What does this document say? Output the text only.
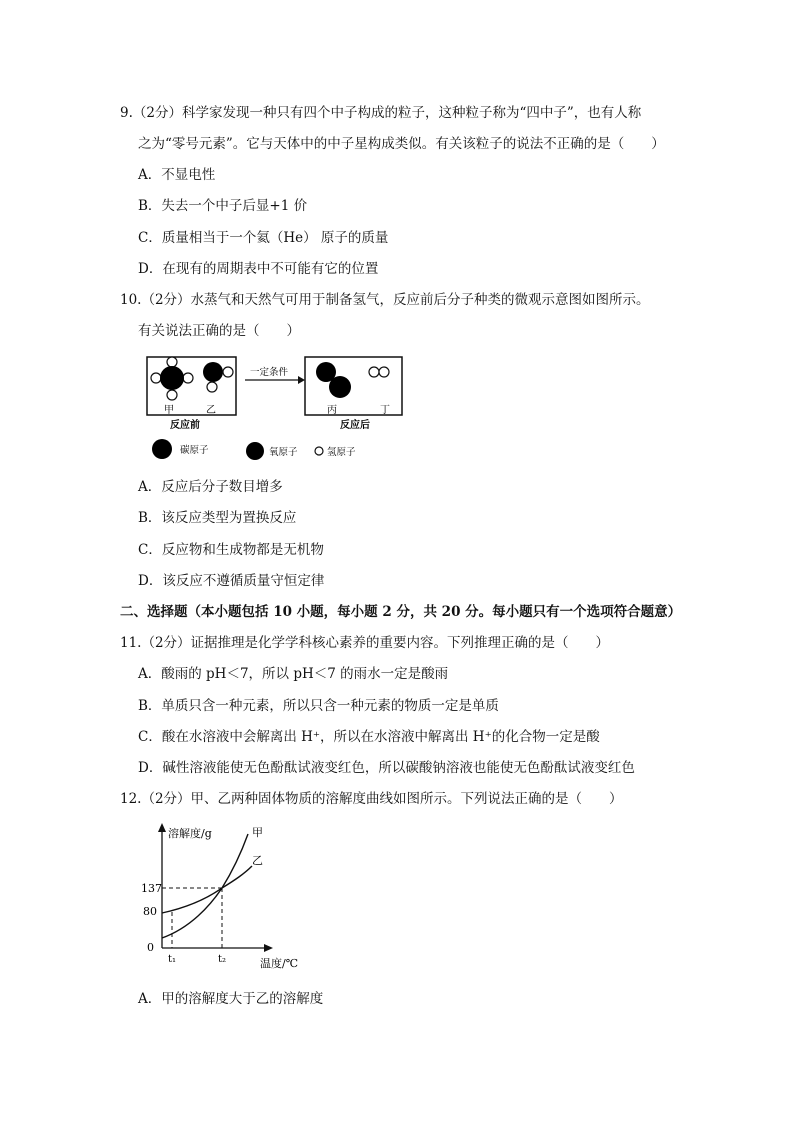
9.（2分）科学家发现一种只有四个中子构成的粒子，这种粒子称为“四中子”，也有人称
之为“零号元素”。它与天体中的中子星构成类似。有关该粒子的说法不正确的是（　　）
A．不显电性
B．失去一个中子后显+1 价
C．质量相当于一个氦（He） 原子的质量
D．在现有的周期表中不可能有它的位置
10.（2分）水蒸气和天然气可用于制备氢气，反应前后分子种类的微观示意图如图所示。
有关说法正确的是（　　）
甲	乙
反应前
一定条件
丙	丁
反应后
碳原子	氧原子	氢原子
A．反应后分子数目增多
B．该反应类型为置换反应
C．反应物和生成物都是无机物
D．该反应不遵循质量守恒定律
二、选择题（本小题包括 10 小题，每小题 2 分，共 20 分。每小题只有一个选项符合题意）
11.（2分）证据推理是化学学科核心素养的重要内容。下列推理正确的是（　　）
A．酸雨的 pH＜7，所以 pH＜7 的雨水一定是酸雨
B．单质只含一种元素，所以只含一种元素的物质一定是单质
C．酸在水溶液中会解离出 H⁺，所以在水溶液中解离出 H⁺的化合物一定是酸
D．碱性溶液能使无色酚酞试液变红色，所以碳酸钠溶液也能使无色酚酞试液变红色
12.（2分）甲、乙两种固体物质的溶解度曲线如图所示。下列说法正确的是（　　）
溶解度/g
温度/℃
137
80
0
t₁	t₂
甲
乙
A．甲的溶解度大于乙的溶解度
